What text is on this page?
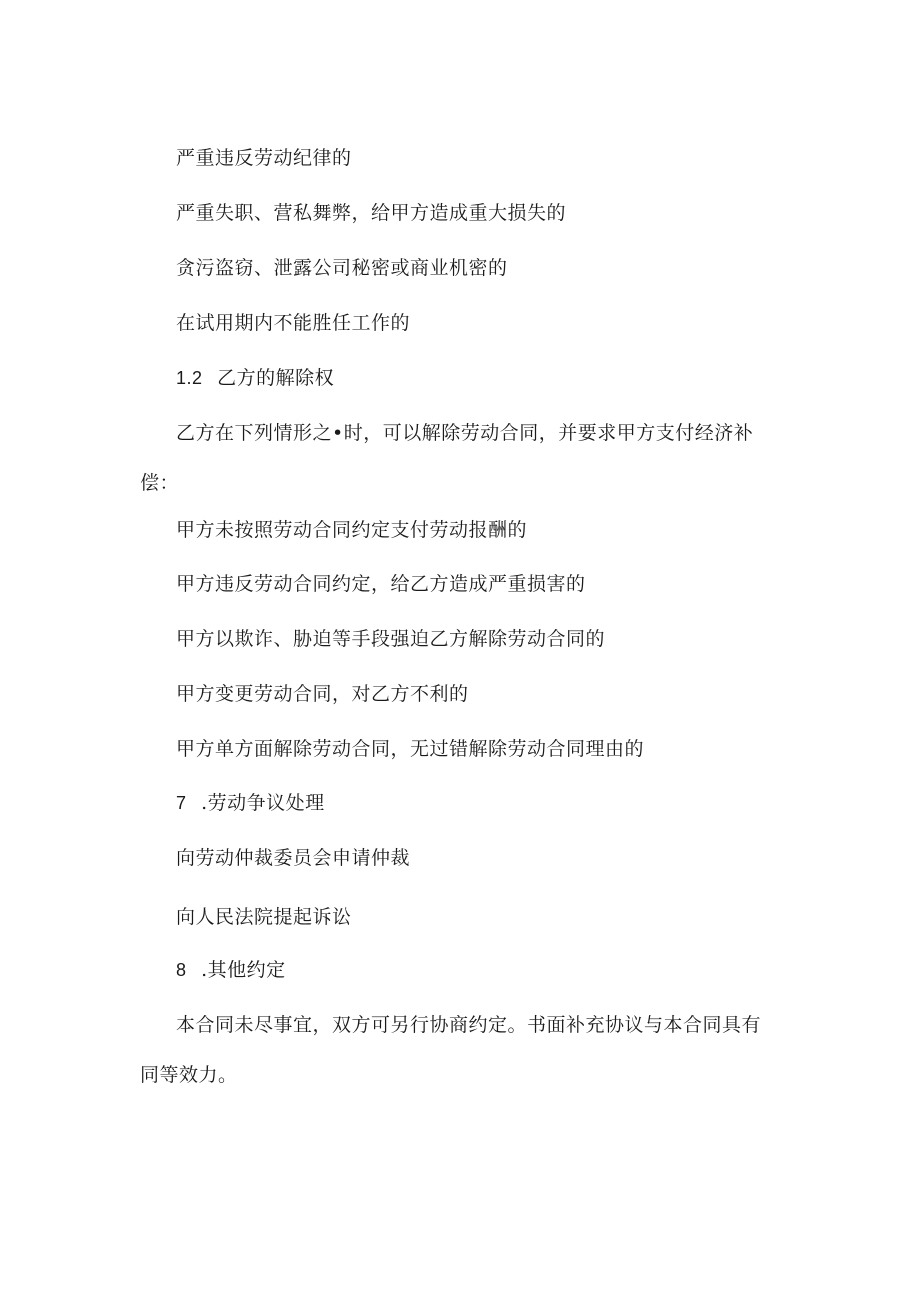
严重违反劳动纪律的
严重失职、营私舞弊，给甲方造成重大损失的
贪污盗窃、泄露公司秘密或商业机密的
在试用期内不能胜任工作的
1.2 乙方的解除权
乙方在下列情形之•时，可以解除劳动合同，并要求甲方支付经济补偿：
甲方未按照劳动合同约定支付劳动报酬的
甲方违反劳动合同约定，给乙方造成严重损害的
甲方以欺诈、胁迫等手段强迫乙方解除劳动合同的
甲方变更劳动合同，对乙方不利的
甲方单方面解除劳动合同，无过错解除劳动合同理由的
7 .劳动争议处理
向劳动仲裁委员会申请仲裁
向人民法院提起诉讼
8 .其他约定
本合同未尽事宜，双方可另行协商约定。书面补充协议与本合同具有同等效力。
